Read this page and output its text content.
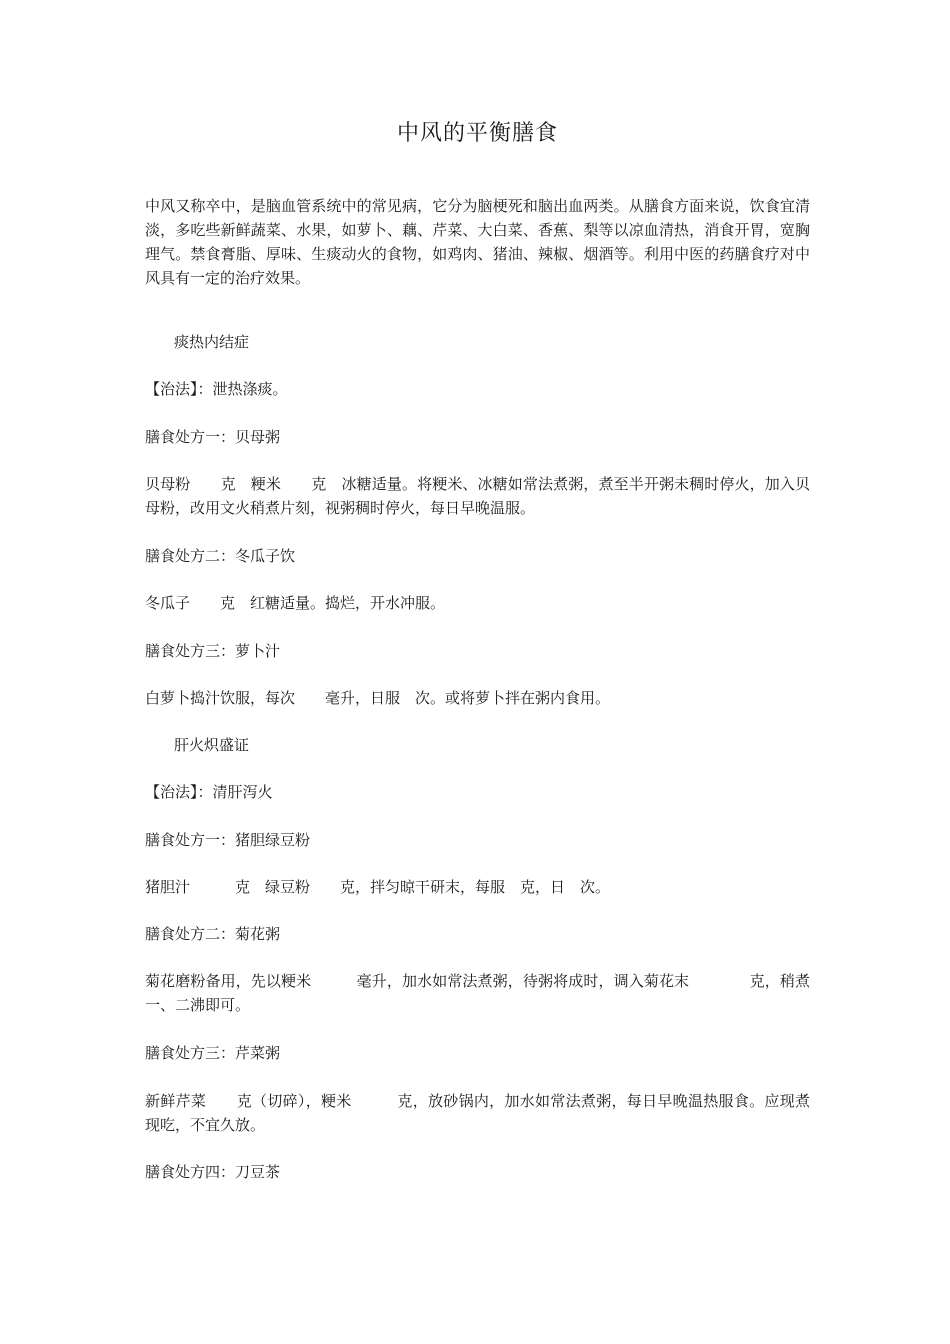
中风的平衡膳食
中风又称卒中，是脑血管系统中的常见病，它分为脑梗死和脑出血两类。从膳食方面来说，饮食宜清淡，多吃些新鲜蔬菜、水果，如萝卜、藕、芹菜、大白菜、香蕉、梨等以凉血清热，消食开胃，宽胸理气。禁食膏脂、厚味、生痰动火的食物，如鸡肉、猪油、辣椒、烟酒等。利用中医的药膳食疗对中风具有一定的治疗效果。
痰热内结症
【治法】：泄热涤痰。
膳食处方一：贝母粥
贝母粉　　克　粳米　　克　冰糖适量。将粳米、冰糖如常法煮粥，煮至半开粥未稠时停火，加入贝母粉，改用文火稍煮片刻，视粥稠时停火，每日早晚温服。
膳食处方二：冬瓜子饮
冬瓜子　　克　红糖适量。捣烂，开水冲服。
膳食处方三：萝卜汁
白萝卜捣汁饮服，每次　　毫升，日服　次。或将萝卜拌在粥内食用。
肝火炽盛证
【治法】：清肝泻火
膳食处方一：猪胆绿豆粉
猪胆汁　　　克　绿豆粉　　克，拌匀晾干研末，每服　克，日　次。
膳食处方二：菊花粥
菊花磨粉备用，先以粳米　　　毫升，加水如常法煮粥，待粥将成时，调入菊花末　　　　克，稍煮一、二沸即可。
膳食处方三：芹菜粥
新鲜芹菜　　克（切碎），粳米　　　克，放砂锅内，加水如常法煮粥，每日早晚温热服食。应现煮现吃，不宜久放。
膳食处方四：刀豆茶
